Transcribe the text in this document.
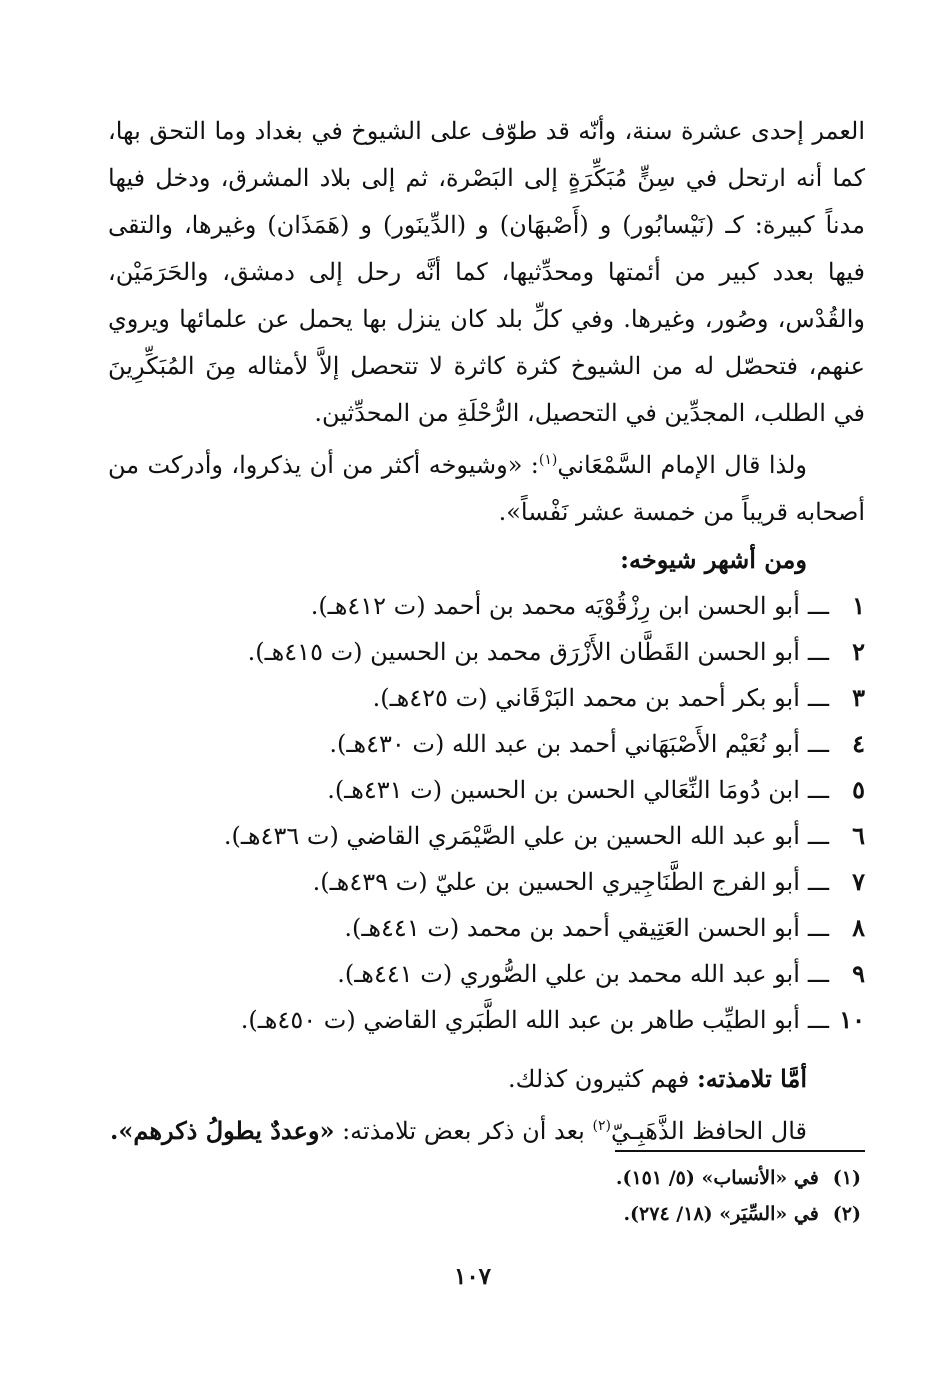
العمر إحدى عشرة سنة، وأنّه قد طوّف على الشيوخ في بغداد وما التحق بها، كما أنه ارتحل في سِنٍّ مُبَكِّرَةٍ إلى البَصْرة، ثم إلى بلاد المشرق، ودخل فيها مدناً كبيرة: كـ (نَيْسابُور) و (أَصْبهَان) و (الدِّينَور) و (هَمَذَان) وغيرها، والتقى فيها بعدد كبير من أئمتها ومحدِّثيها، كما أنَّه رحل إلى دمشق، والحَرَمَيْن، والقُدْس، وصُور، وغيرها. وفي كلِّ بلد كان ينزل بها يحمل عن علمائها ويروي عنهم، فتحصّل له من الشيوخ كثرة كاثرة لا تتحصل إلاَّ لأمثاله مِنَ المُبَكِّرِينَ في الطلب، المجدِّين في التحصيل، الرُّحْلَةِ من المحدِّثين.

ولذا قال الإمام السَّمْعَاني$^{(١)}$: «وشيوخه أكثر من أن يذكروا، وأدركت من أصحابه قريباً من خمسة عشر نَفْساً».

ومن أشهر شيوخه:

١ـــأبو الحسن ابن رِزْقُوْيَه محمد بن أحمد (ت ٤١٢هـ).
٢ـــأبو الحسن القَطَّان الأَزْرَق محمد بن الحسين (ت ٤١٥هـ).
٣ـــأبو بكر أحمد بن محمد البَرْقَاني (ت ٤٢٥هـ).
٤ـــأبو نُعَيْم الأَصْبَهَاني أحمد بن عبد الله (ت ٤٣٠هـ).
٥ـــابن دُومَا النِّعَالي الحسن بن الحسين (ت ٤٣١هـ).
٦ـــأبو عبد الله الحسين بن علي الصَّيْمَري القاضي (ت ٤٣٦هـ).
٧ـــأبو الفرج الطَّنَاجِيري الحسين بن عليّ (ت ٤٣٩هـ).
٨ـــأبو الحسن العَتِيقي أحمد بن محمد (ت ٤٤١هـ).
٩ـــأبو عبد الله محمد بن علي الصُّوري (ت ٤٤١هـ).
١٠ـــأبو الطيِّب طاهر بن عبد الله الطَّبَري القاضي (ت ٤٥٠هـ).

أمَّا تلامذته: فهم كثيرون كذلك.

قال الحافظ الذَّهَبِـيّ$^{(٢)}$ بعد أن ذكر بعض تلامذته: «وعددٌ يطولُ ذكرهم».

(١)في «الأنساب» (٥/ ١٥١).

(٢)في «السِّيَر» (١٨/ ٢٧٤).

١٠٧
